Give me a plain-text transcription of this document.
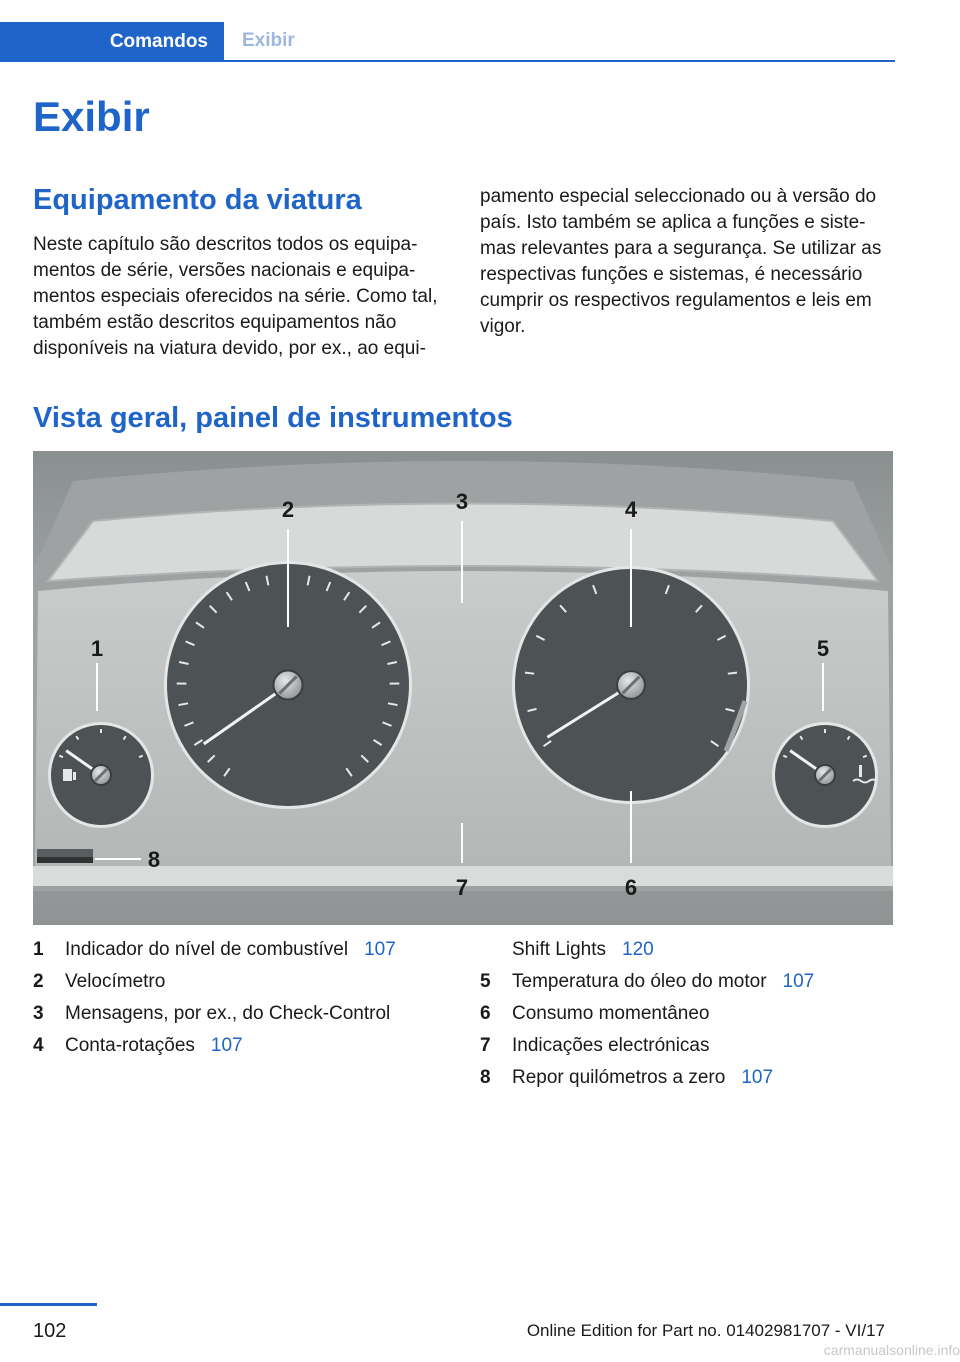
Comandos	Exibir
Exibir
Equipamento da viatura

Neste capítulo são descritos todos os equipamentos de série, versões nacionais e equipamentos especiais oferecidos na série. Como tal, também estão descritos equipamentos não disponíveis na viatura devido, por ex., ao equi‐

pamento especial seleccionado ou à versão do país. Isto também se aplica a funções e sistemas relevantes para a segurança. Se utilizar as respectivas funções e sistemas, é necessário cumprir os respectivos regulamentos e leis em vigor.

Vista geral, painel de instrumentos
1
2	3	4
5
6
7
8
1	Indicador do nível de combustível 107
2	Velocímetro
3	Mensagens, por ex., do Check-Control
4	Conta-rotações 107
Shift Lights 120
5	Temperatura do óleo do motor 107
6	Consumo momentâneo
7	Indicações electrónicas
8	Repor quilómetros a zero 107
102	Online Edition for Part no. 01402981707 - VI/17
carmanualsonline.info
